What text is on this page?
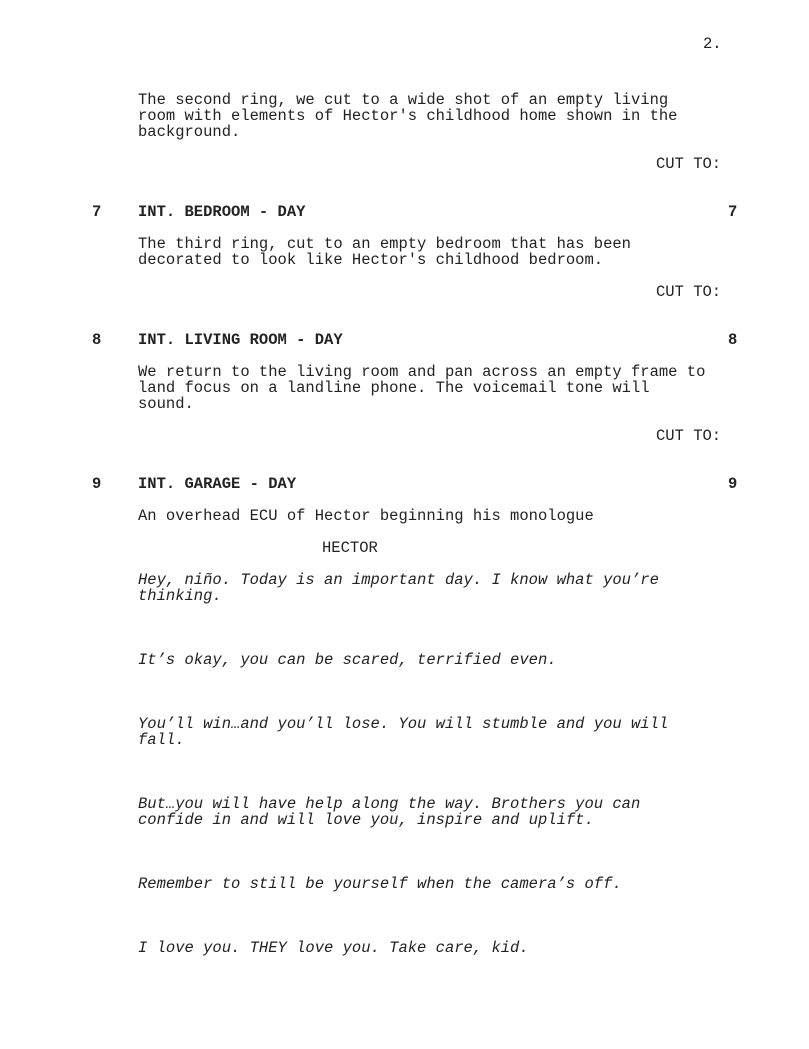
2.
The second ring, we cut to a wide shot of an empty living
room with elements of Hector's childhood home shown in the
background.
CUT TO:
7 INT. BEDROOM - DAY	7
The third ring, cut to an empty bedroom that has been
decorated to look like Hector's childhood bedroom.
CUT TO:
8 INT. LIVING ROOM - DAY	8
We return to the living room and pan across an empty frame to
land focus on a landline phone. The voicemail tone will
sound.
CUT TO:
9 INT. GARAGE - DAY	9
An overhead ECU of Hector beginning his monologue
HECTOR
Hey, niño. Today is an important day. I know what you’re
thinking.
It’s okay, you can be scared, terrified even.
You’ll win…and you’ll lose. You will stumble and you will
fall.
But…you will have help along the way. Brothers you can
confide in and will love you, inspire and uplift.
Remember to still be yourself when the camera’s off.
I love you. THEY love you. Take care, kid.
